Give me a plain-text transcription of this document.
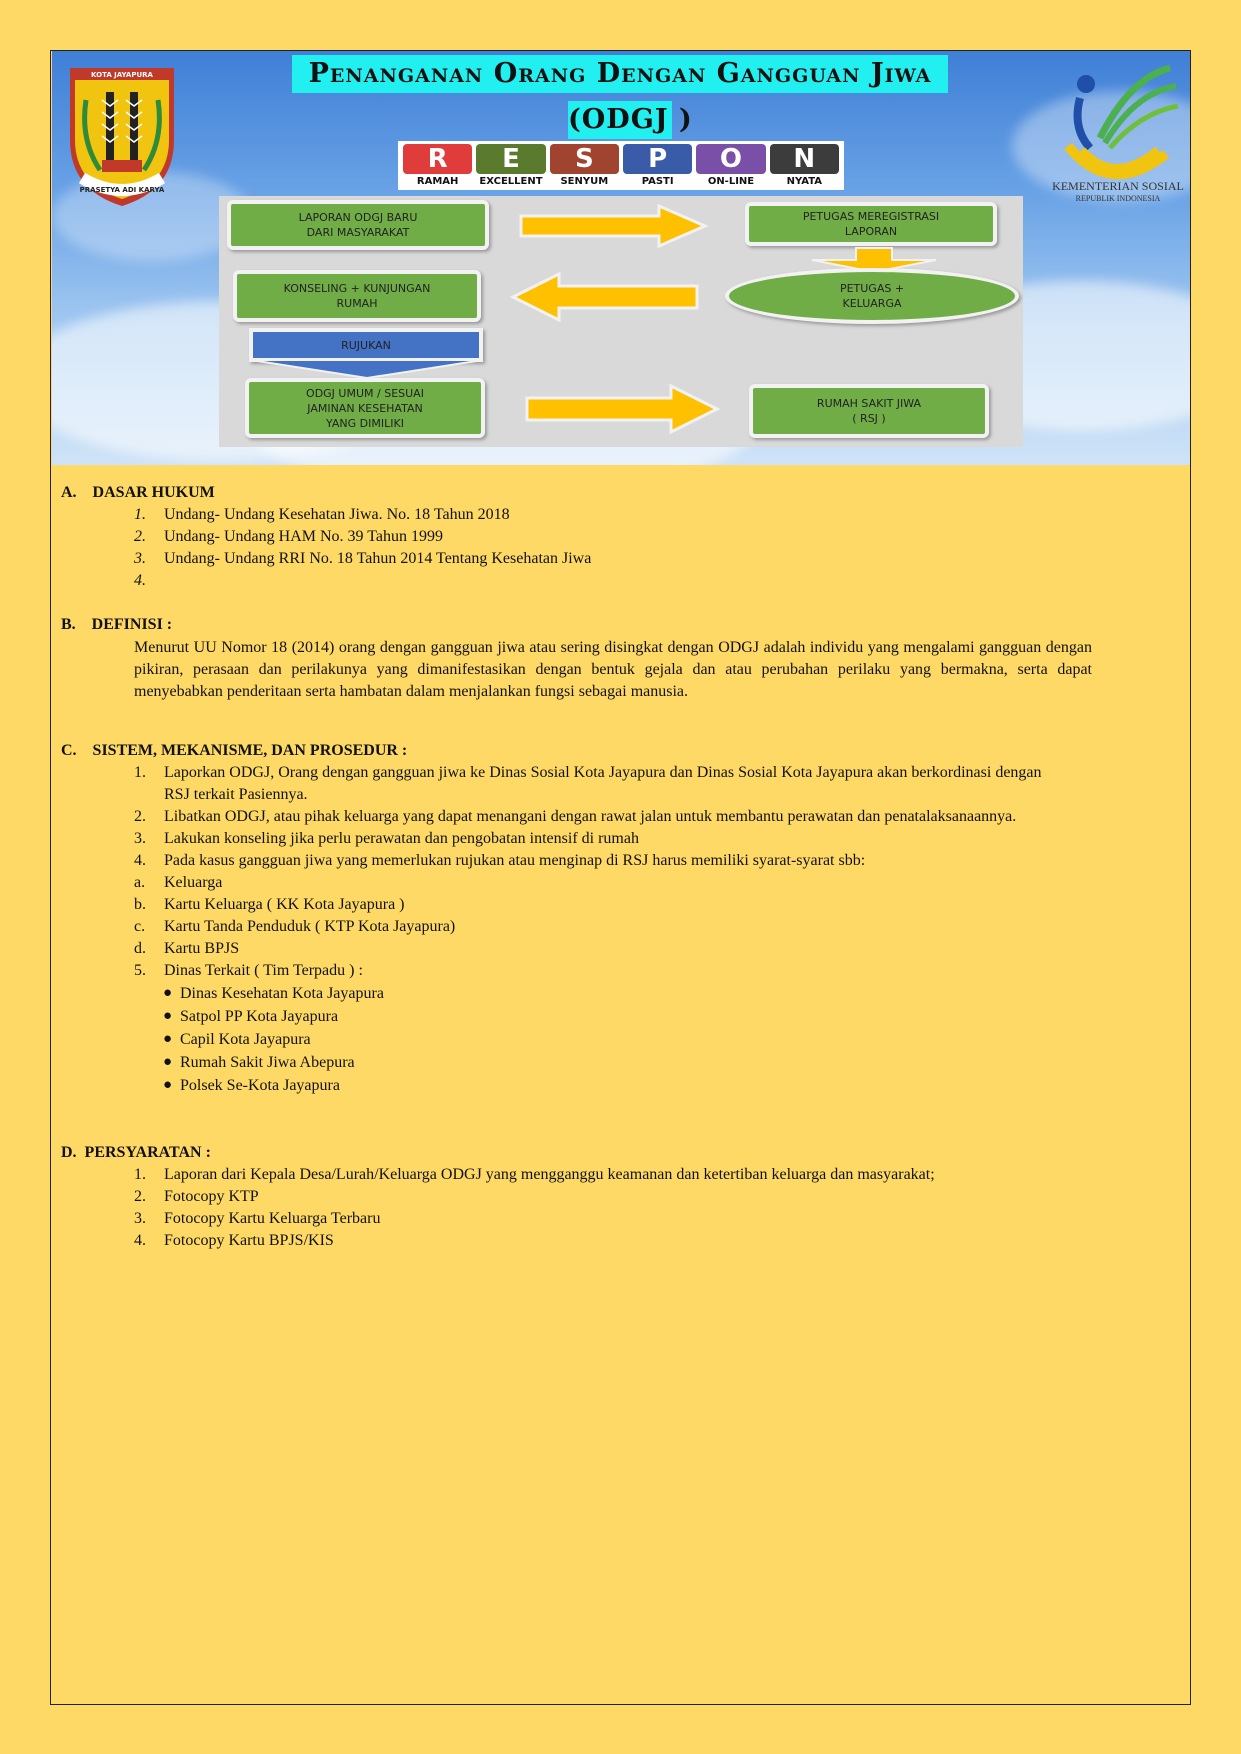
KOTA JAYAPURA
PRASETYA ADI KARYA	KEMENTERIAN SOSIAL
REPUBLIK INDONESIA
Penanganan Orang Dengan Gangguan Jiwa
(ODGJ )
R
RAMAH
E
EXCELLENT
S
SENYUM
P
PASTI
O
ON-LINE
N
NYATA
LAPORAN ODGJ BARU
DARI MASYARAKAT
PETUGAS MEREGISTRASI
LAPORAN
KONSELING + KUNJUNGAN
RUMAH
PETUGAS +
KELUARGA
RUJUKAN
ODGJ UMUM / SESUAI
JAMINAN KESEHATAN
YANG DIMILIKI
RUMAH SAKIT JIWA
( RSJ )
A. DASAR HUKUM
1. Undang- Undang Kesehatan Jiwa. No. 18 Tahun 2018
2. Undang- Undang HAM No. 39 Tahun 1999
3. Undang- Undang RRI No. 18 Tahun 2014 Tentang Kesehatan Jiwa
4.
B. DEFINISI :
Menurut UU Nomor 18 (2014) orang dengan gangguan jiwa atau sering disingkat dengan ODGJ adalah individu yang mengalami gangguan dengan pikiran, perasaan dan perilakunya yang dimanifestasikan dengan bentuk gejala dan atau perubahan perilaku yang bermakna, serta dapat menyebabkan penderitaan serta hambatan dalam menjalankan fungsi sebagai manusia.
C. SISTEM, MEKANISME, DAN PROSEDUR :
1. Laporkan ODGJ, Orang dengan gangguan jiwa ke Dinas Sosial Kota Jayapura dan Dinas Sosial Kota Jayapura akan berkordinasi dengan
RSJ terkait Pasiennya.
2. Libatkan ODGJ, atau pihak keluarga yang dapat menangani dengan rawat jalan untuk membantu perawatan dan penatalaksanaannya.
3. Lakukan konseling jika perlu perawatan dan pengobatan intensif di rumah
4. Pada kasus gangguan jiwa yang memerlukan rujukan atau menginap di RSJ harus memiliki syarat-syarat sbb:
a. Keluarga
b. Kartu Keluarga ( KK Kota Jayapura )
c. Kartu Tanda Penduduk ( KTP Kota Jayapura)
d. Kartu BPJS
5. Dinas Terkait ( Tim Terpadu ) :
● Dinas Kesehatan Kota Jayapura
● Satpol PP Kota Jayapura
● Capil Kota Jayapura
● Rumah Sakit Jiwa Abepura
● Polsek Se-Kota Jayapura
D. PERSYARATAN :
1. Laporan dari Kepala Desa/Lurah/Keluarga ODGJ yang mengganggu keamanan dan ketertiban keluarga dan masyarakat;
2. Fotocopy KTP
3. Fotocopy Kartu Keluarga Terbaru
4. Fotocopy Kartu BPJS/KIS
